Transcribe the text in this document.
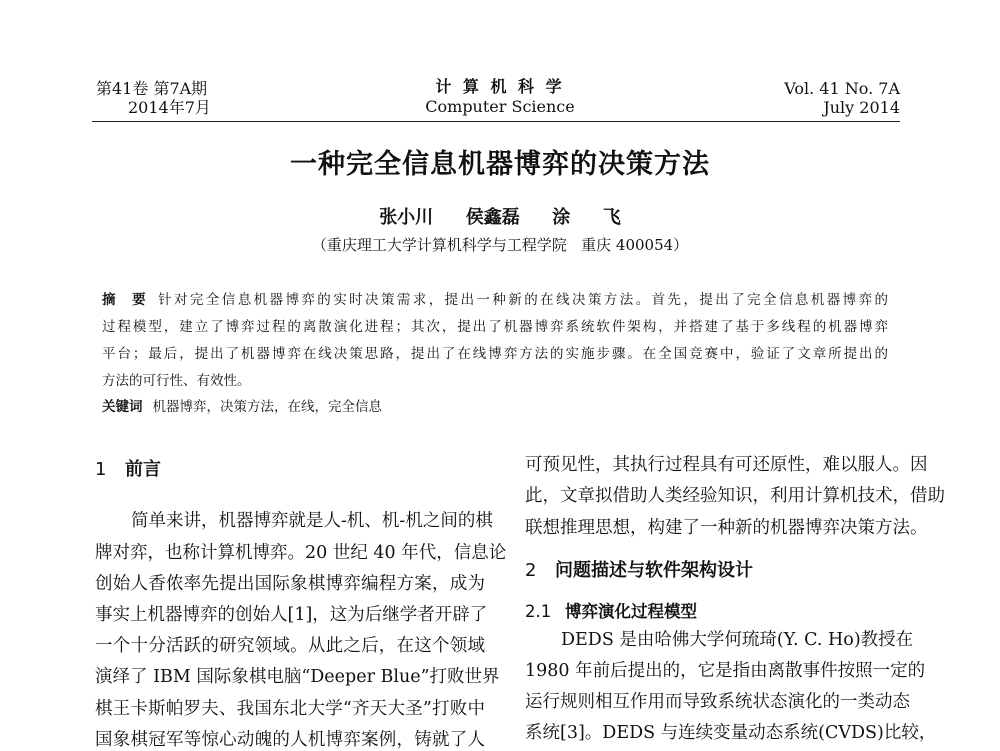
第41卷 第7A期
2014年7月
计 算 机 科 学
Computer Science
Vol. 41 No. 7A
July 2014
一种完全信息机器博弈的决策方法
张小川  侯鑫磊  涂  飞
（重庆理工大学计算机科学与工程学院   重庆 400054）
摘  要 针对完全信息机器博弈的实时决策需求，提出一种新的在线决策方法。首先，提出了完全信息机器博弈的
过程模型，建立了博弈过程的离散演化进程；其次，提出了机器博弈系统软件架构，并搭建了基于多线程的机器博弈
平台；最后，提出了机器博弈在线决策思路，提出了在线博弈方法的实施步骤。在全国竞赛中，验证了文章所提出的
方法的可行性、有效性。
关键词 机器博弈，决策方法，在线，完全信息
1 前言
简单来讲，机器博弈就是人-机、机-机之间的棋
牌对弈，也称计算机博弈。20 世纪 40 年代，信息论
创始人香侬率先提出国际象棋博弈编程方案，成为
事实上机器博弈的创始人[1]，这为后继学者开辟了
一个十分活跃的研究领域。从此之后，在这个领域
演绎了 IBM 国际象棋电脑“Deeper Blue”打败世界
棋王卡斯帕罗夫、我国东北大学“齐天大圣”打败中
国象棋冠军等惊心动魄的人机博弈案例，铸就了人
可预见性，其执行过程具有可还原性，难以服人。因
此，文章拟借助人类经验知识，利用计算机技术，借助
联想推理思想，构建了一种新的机器博弈决策方法。
2 问题描述与软件架构设计
2.1 博弈演化过程模型
DEDS 是由哈佛大学何琉琦(Y. C. Ho)教授在
1980 年前后提出的，它是指由离散事件按照一定的
运行规则相互作用而导致系统状态演化的一类动态
系统[3]。DEDS 与连续变量动态系统(CVDS)比较，
